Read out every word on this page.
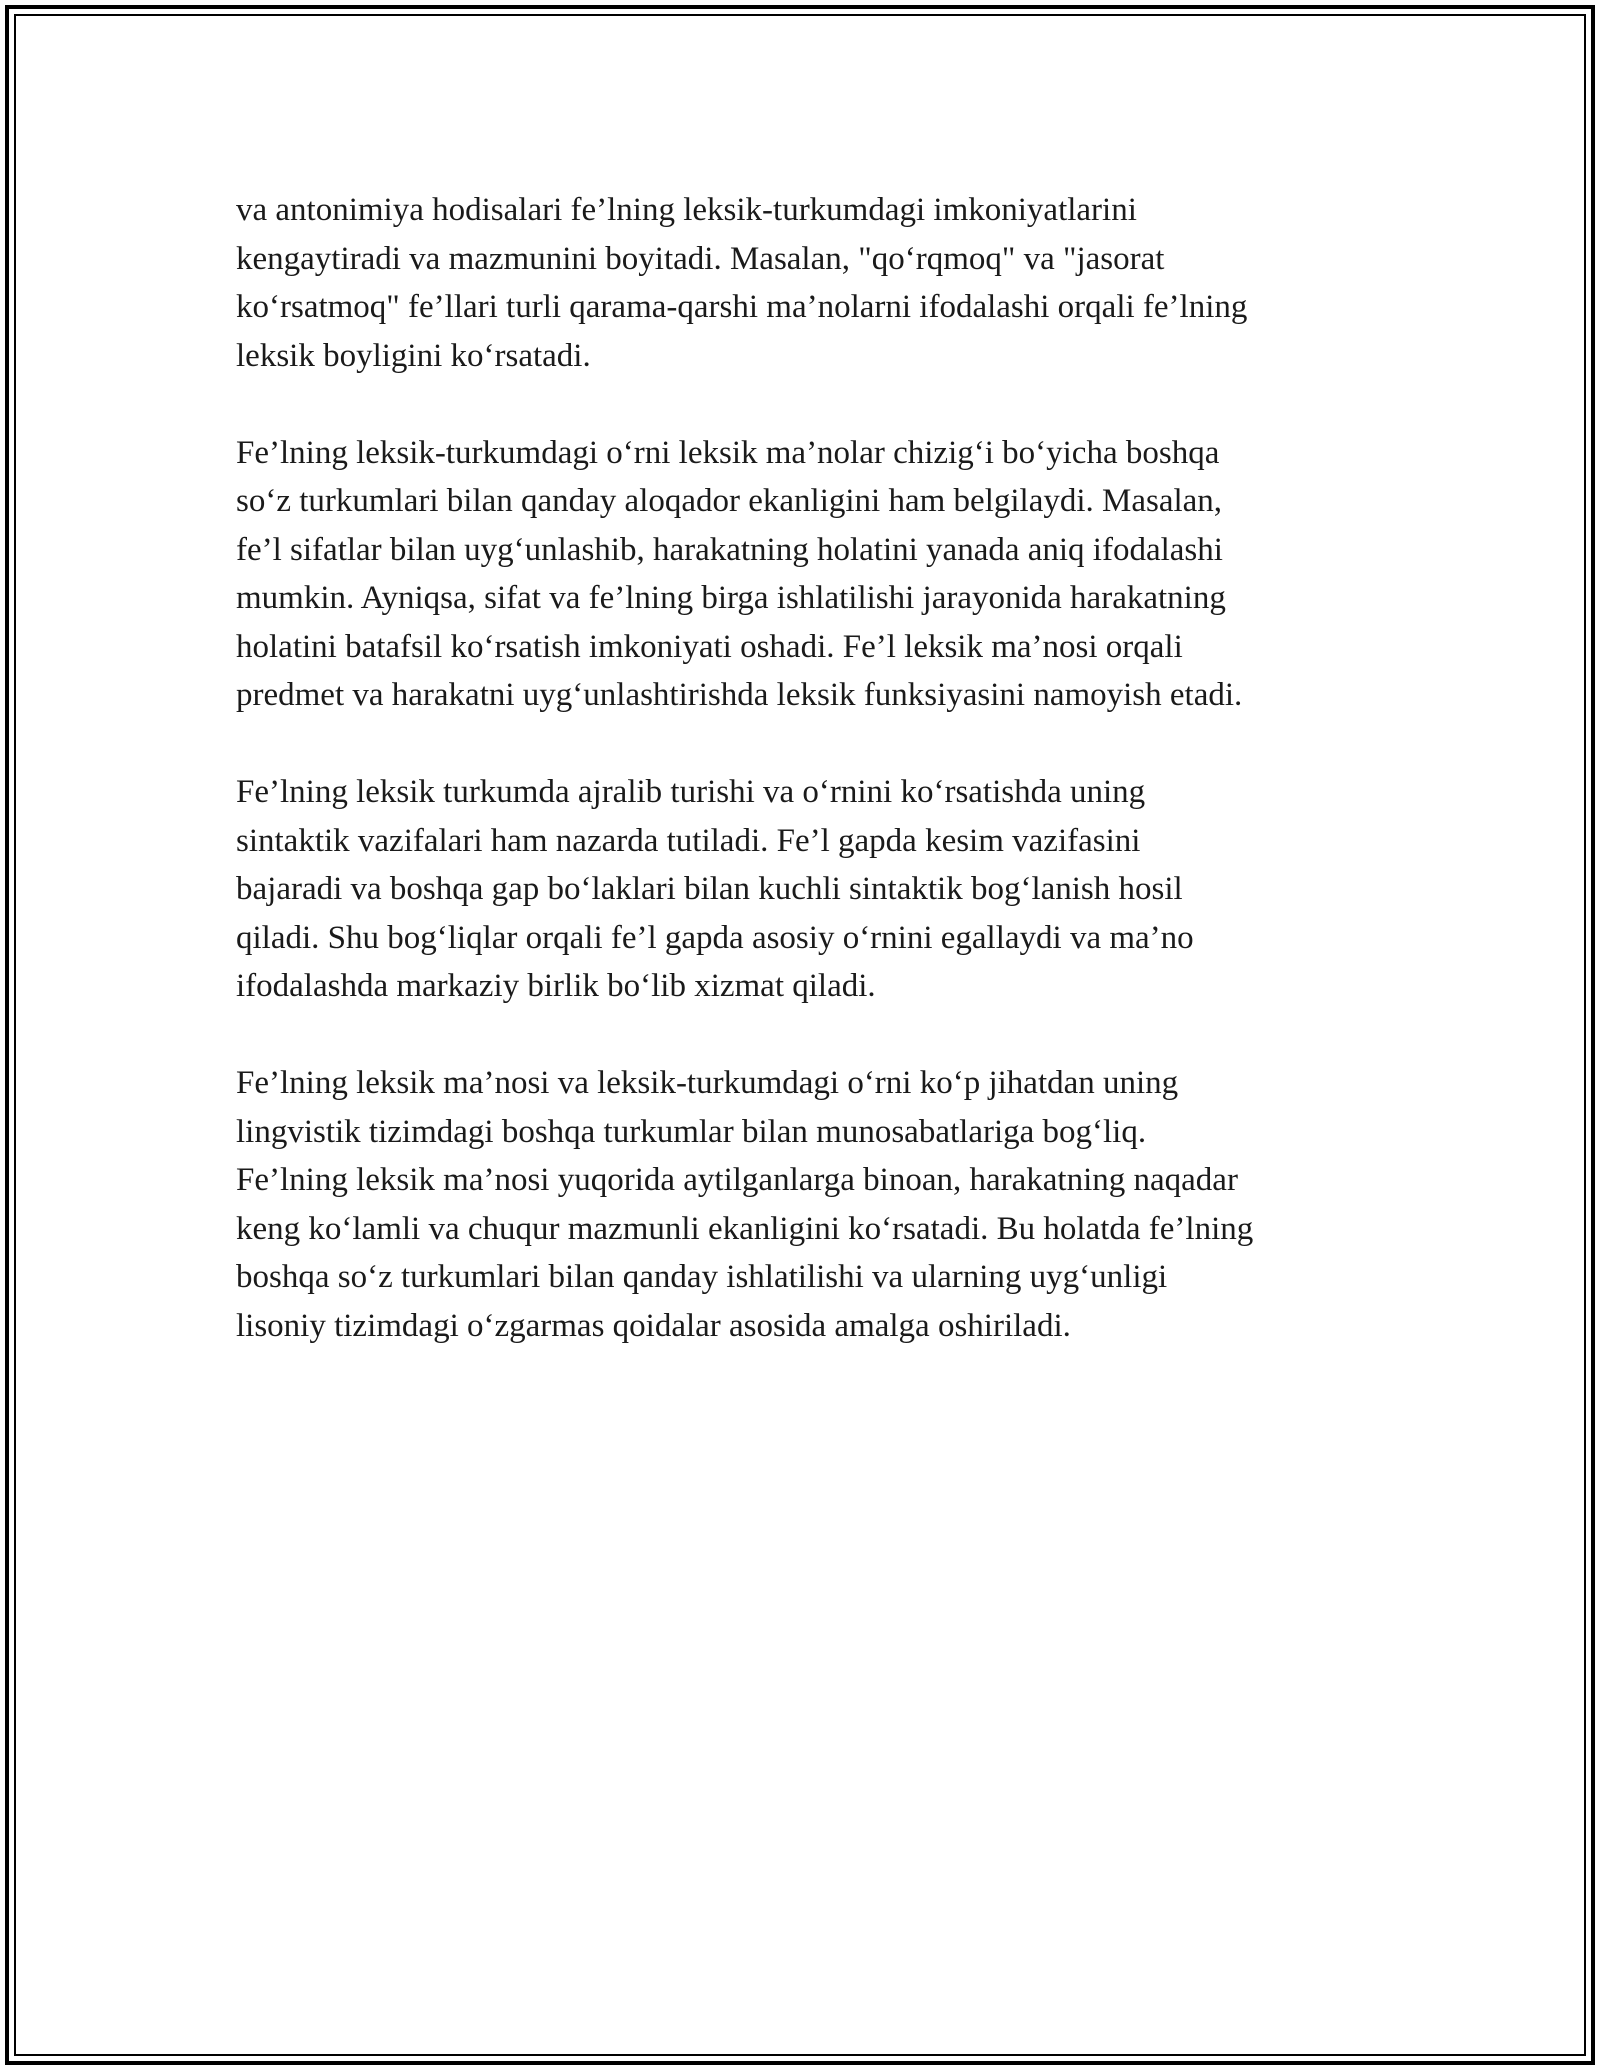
va antonimiya hodisalari fe’lning leksik-turkumdagi imkoniyatlarini
kengaytiradi va mazmunini boyitadi. Masalan, "qo‘rqmoq" va "jasorat
ko‘rsatmoq" fe’llari turli qarama-qarshi ma’nolarni ifodalashi orqali fe’lning
leksik boyligini ko‘rsatadi.

Fe’lning leksik-turkumdagi o‘rni leksik ma’nolar chizig‘i bo‘yicha boshqa
so‘z turkumlari bilan qanday aloqador ekanligini ham belgilaydi. Masalan,
fe’l sifatlar bilan uyg‘unlashib, harakatning holatini yanada aniq ifodalashi
mumkin. Ayniqsa, sifat va fe’lning birga ishlatilishi jarayonida harakatning
holatini batafsil ko‘rsatish imkoniyati oshadi. Fe’l leksik ma’nosi orqali
predmet va harakatni uyg‘unlashtirishda leksik funksiyasini namoyish etadi.

Fe’lning leksik turkumda ajralib turishi va o‘rnini ko‘rsatishda uning
sintaktik vazifalari ham nazarda tutiladi. Fe’l gapda kesim vazifasini
bajaradi va boshqa gap bo‘laklari bilan kuchli sintaktik bog‘lanish hosil
qiladi. Shu bog‘liqlar orqali fe’l gapda asosiy o‘rnini egallaydi va ma’no
ifodalashda markaziy birlik bo‘lib xizmat qiladi.

Fe’lning leksik ma’nosi va leksik-turkumdagi o‘rni ko‘p jihatdan uning
lingvistik tizimdagi boshqa turkumlar bilan munosabatlariga bog‘liq.
Fe’lning leksik ma’nosi yuqorida aytilganlarga binoan, harakatning naqadar
keng ko‘lamli va chuqur mazmunli ekanligini ko‘rsatadi. Bu holatda fe’lning
boshqa so‘z turkumlari bilan qanday ishlatilishi va ularning uyg‘unligi
lisoniy tizimdagi o‘zgarmas qoidalar asosida amalga oshiriladi.
